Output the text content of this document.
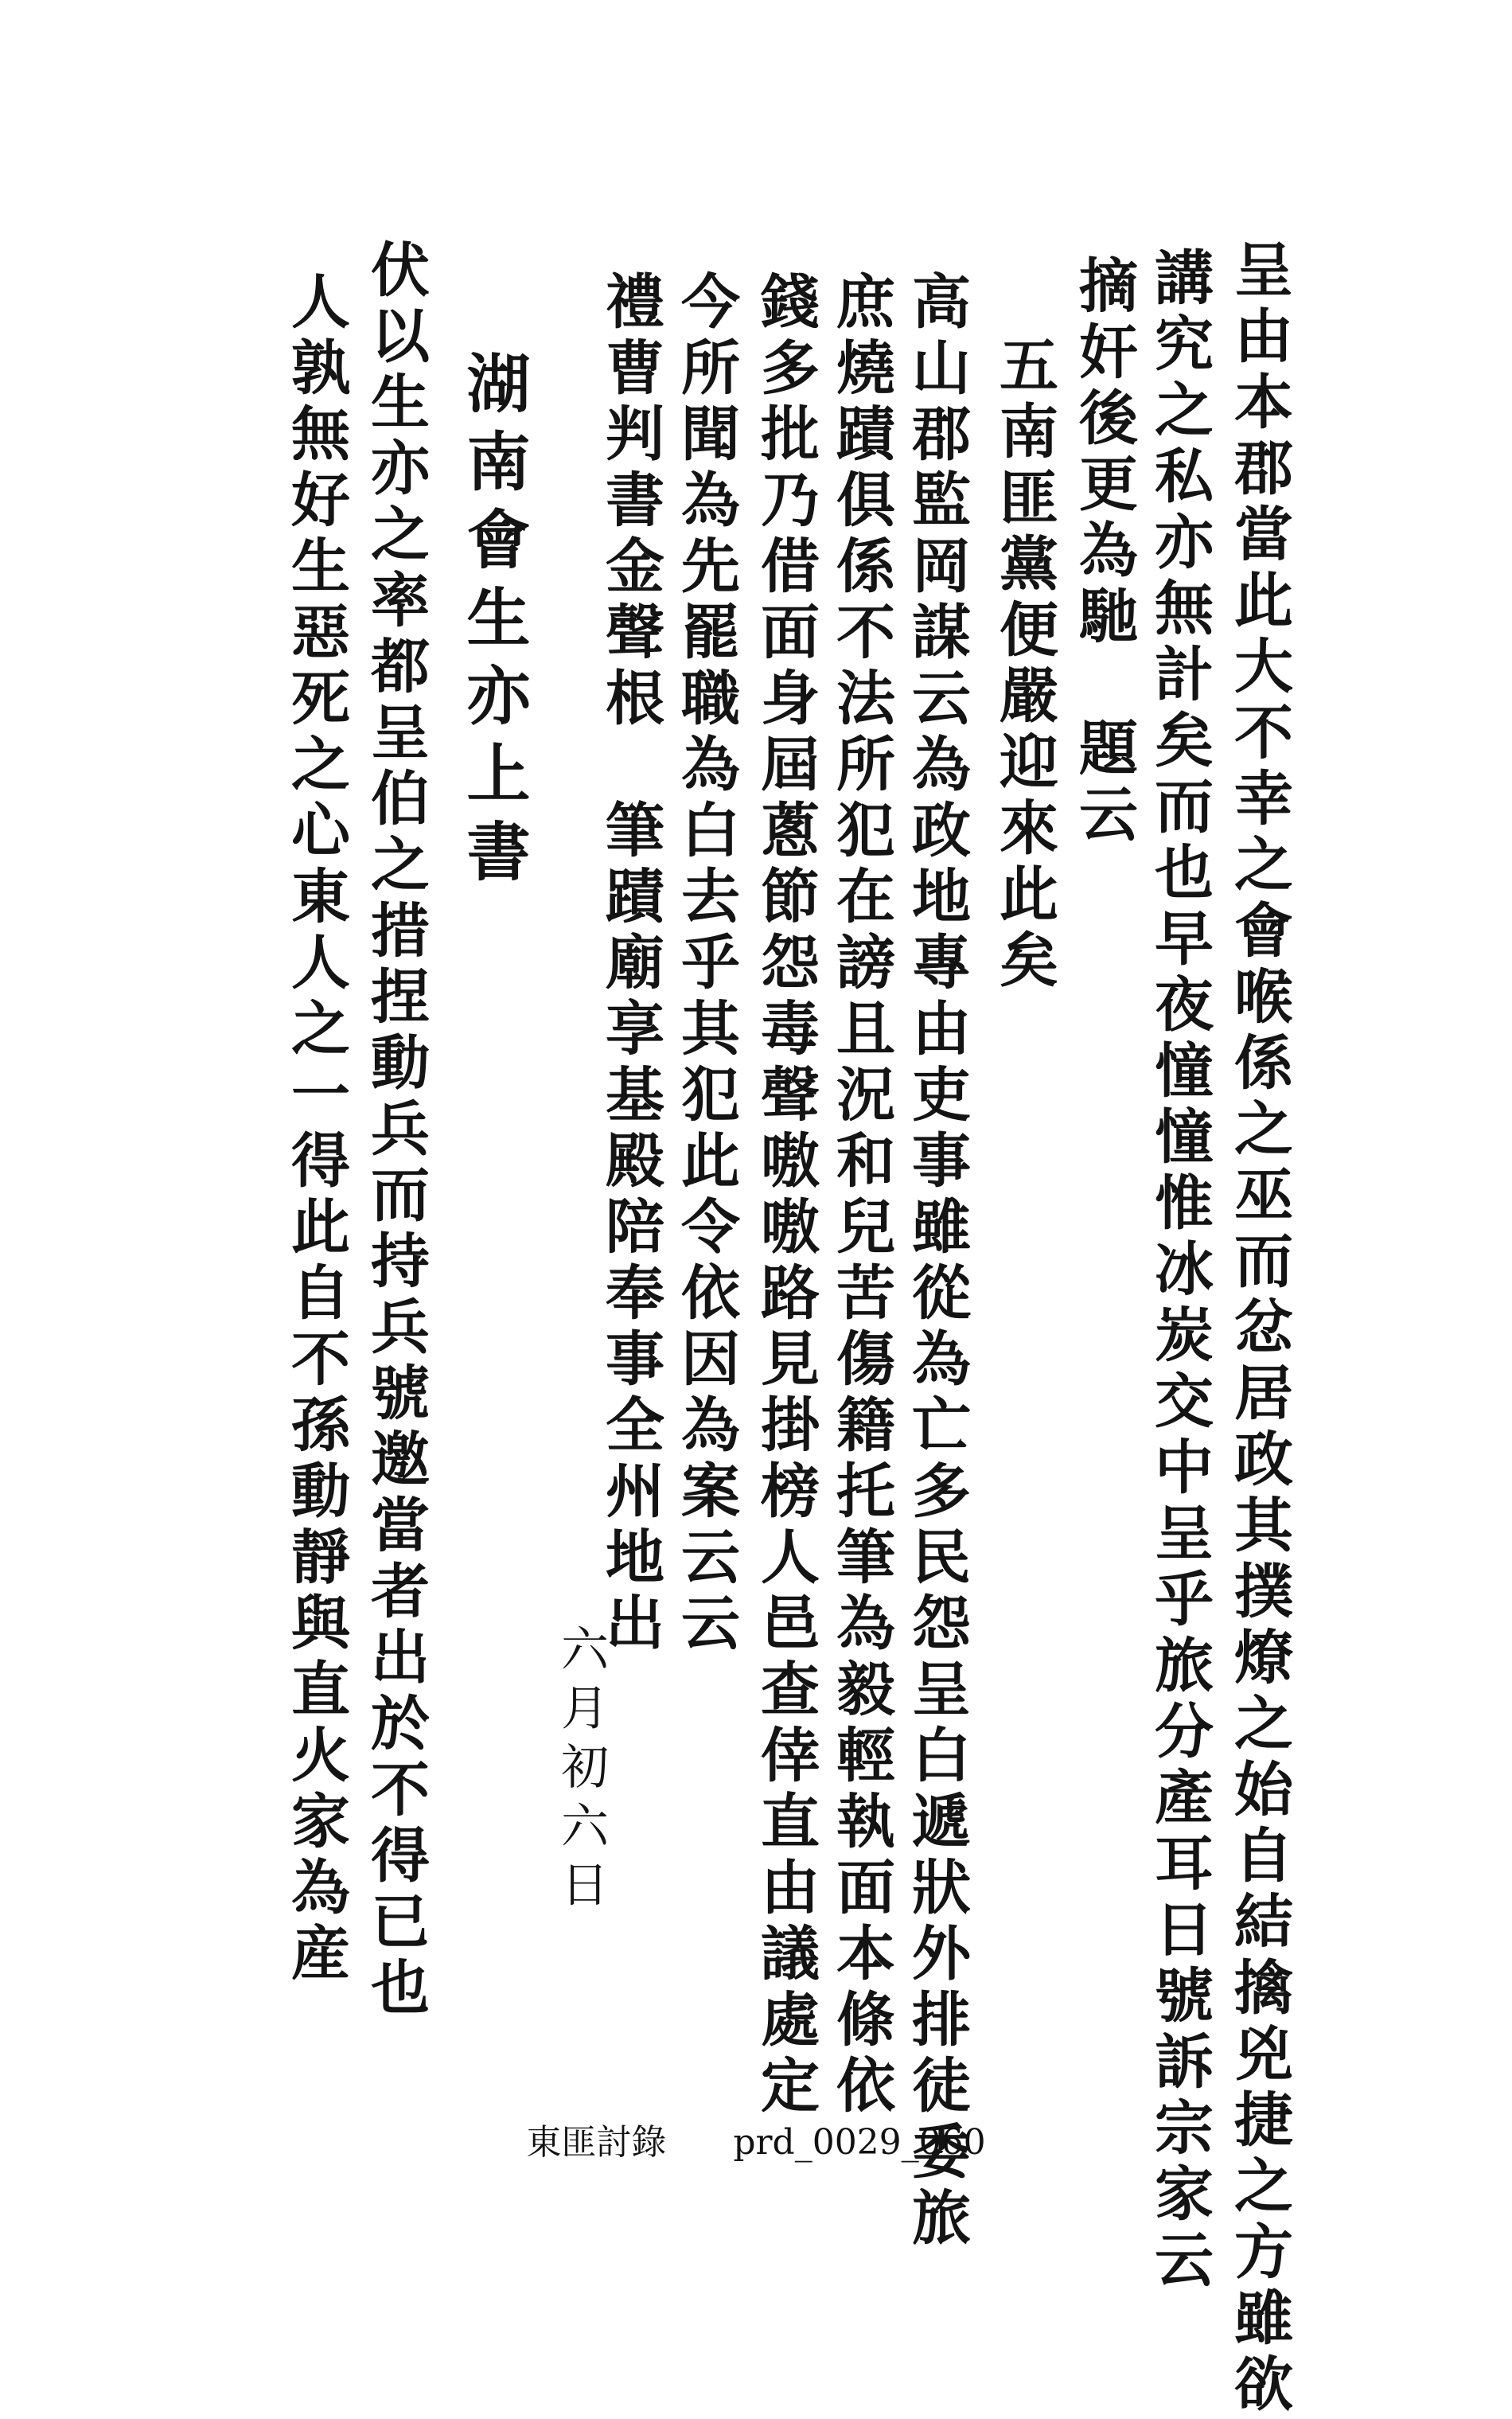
呈由本郡當此大不幸之會喉係之巫而忿居政其撲燎之始自結擒兇捷之方雖欲
講究之私亦無計矣而也早夜憧憧惟冰炭交中呈乎旅分產耳日號訴宗家云
摘奸後更為馳　題云
五南匪黨便嚴迎來此矣
高山郡監岡謀云為政地專由吏事雖從為亡多民怨呈白遞狀外排徒委旅
庶燒蹟俱係不法所犯在謗且況和兒苦傷籍托筆為毅輕執面本條依
錢多批乃借面身屆蔥節怨毒聲嗷嗷路見掛榜人邑查倖直由議處定
今所聞為先罷職為白去乎其犯此令依因為案云云
禮曹判書金聲根　筆蹟廟享基殿陪奉事全州地出
六月初六日
湖南會生亦上書
伏以生亦之率都呈伯之措捏動兵而持兵號邀當者出於不得已也
人孰無好生惡死之心東人之一得此自不孫動靜與直火家為産
東匪討錄 prd_0029_060
